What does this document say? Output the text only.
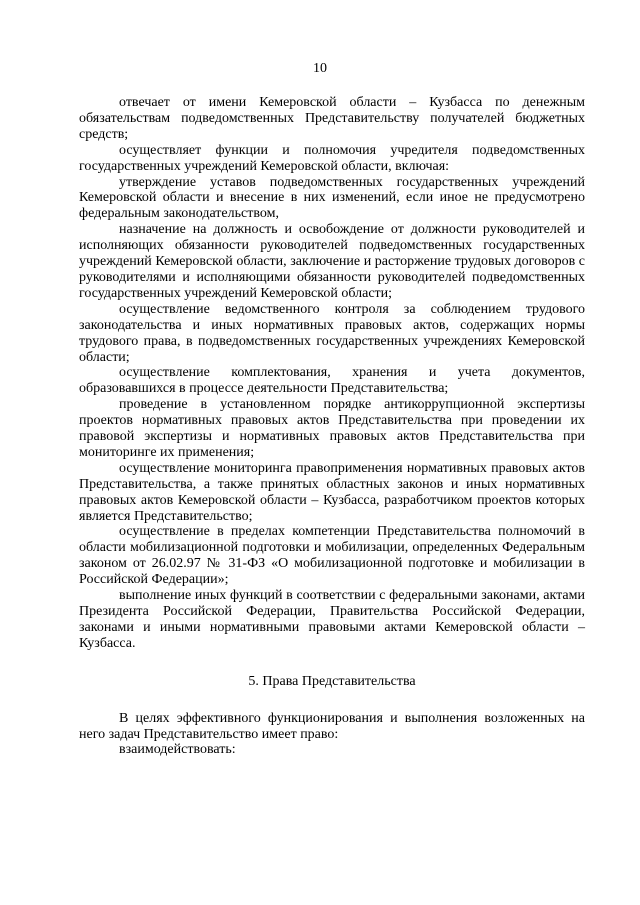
10

отвечает от имени Кемеровской области – Кузбасса по денежным обязательствам подведомственных Представительству получателей бюджетных средств;

осуществляет функции и полномочия учредителя подведомственных государственных учреждений Кемеровской области, включая:

утверждение уставов подведомственных государственных учреждений Кемеровской области и внесение в них изменений, если иное не предусмотрено федеральным законодательством,

назначение на должность и освобождение от должности руководителей и исполняющих обязанности руководителей подведомственных государственных учреждений Кемеровской области, заключение и расторжение трудовых договоров с руководителями и исполняющими обязанности руководителей подведомственных государственных учреждений Кемеровской области;

осуществление ведомственного контроля за соблюдением трудового законодательства и иных нормативных правовых актов, содержащих нормы трудового права, в подведомственных государственных учреждениях Кемеровской области;

осуществление комплектования, хранения и учета документов, образовавшихся в процессе деятельности Представительства;

проведение в установленном порядке антикоррупционной экспертизы проектов нормативных правовых актов Представительства при проведении их правовой экспертизы и нормативных правовых актов Представительства при мониторинге их применения;

осуществление мониторинга правоприменения нормативных правовых актов Представительства, а также принятых областных законов и иных нормативных правовых актов Кемеровской области – Кузбасса, разработчиком проектов которых является Представительство;

осуществление в пределах компетенции Представительства полномочий в области мобилизационной подготовки и мобилизации, определенных Федеральным законом от 26.02.97 № 31-ФЗ «О мобилизационной подготовке и мобилизации в Российской Федерации»;

выполнение иных функций в соответствии с федеральными законами, актами Президента Российской Федерации, Правительства Российской Федерации, законами и иными нормативными правовыми актами Кемеровской области – Кузбасса.

5. Права Представительства

В целях эффективного функционирования и выполнения возложенных на него задач Представительство имеет право:

взаимодействовать:
